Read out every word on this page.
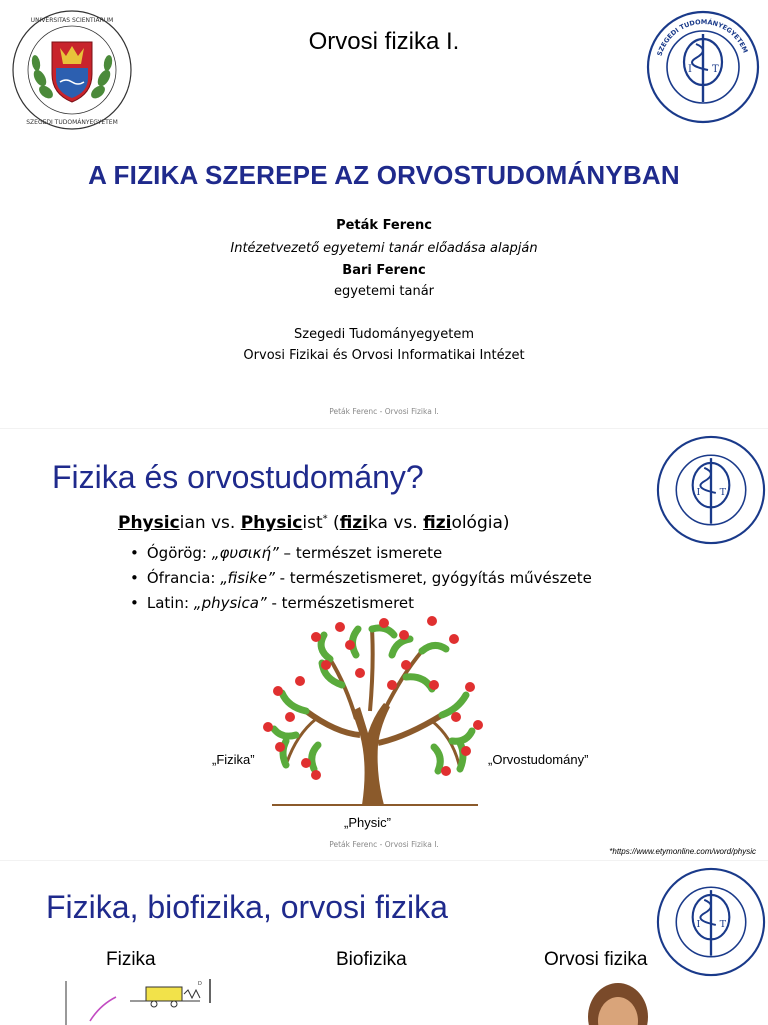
UNIVERSITAS SCIENTIARUM
SZEGEDI TUDOMÁNYEGYETEM
Orvosi fizika I.
I T
SZEGEDI TUDOMÁNYEGYETEM
A FIZIKA SZEREPE AZ ORVOSTUDOMÁNYBAN
Peták Ferenc
Intézetvezető egyetemi tanár előadása alapján
Bari Ferenc
egyetemi tanár
Szegedi Tudományegyetem
Orvosi Fizikai és Orvosi Informatikai Intézet
Peták Ferenc - Orvosi Fizika I.
Fizika és orvostudomány?	I T
Physician vs. Physicist* (fizika vs. fiziológia)
• Ógörög: „φυσική” – természet ismerete
• Ófrancia: „fisike” - természetismeret, gyógyítás művészete
• Latin: „physica” - természetismeret
„Fizika”	„Orvostudomány”
„Physic”
Peták Ferenc - Orvosi Fizika I.
*https://www.etymonline.com/word/physic
Fizika, biofizika, orvosi fizika	I T
Fizika	Biofizika	Orvosi fizika
D
